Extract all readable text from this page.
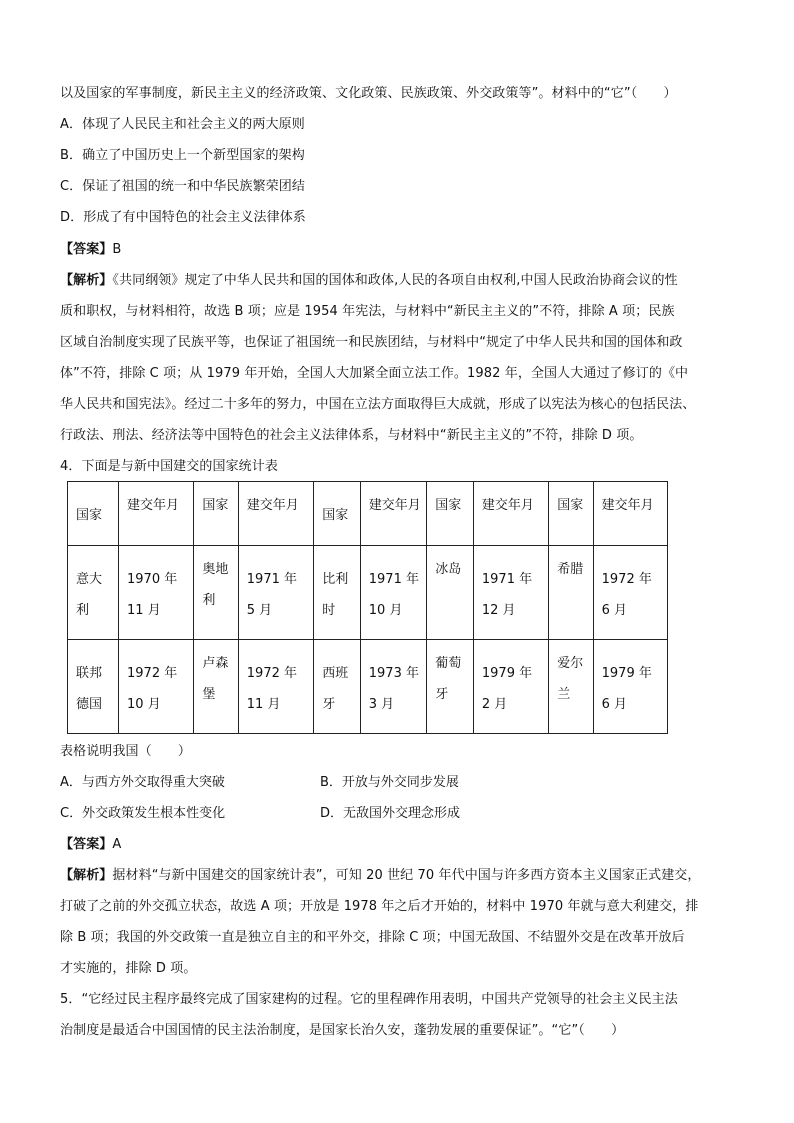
以及国家的军事制度，新民主主义的经济政策、文化政策、民族政策、外交政策等”。材料中的“它”（　　）
A．体现了人民民主和社会主义的两大原则
B．确立了中国历史上一个新型国家的架构
C．保证了祖国的统一和中华民族繁荣团结
D．形成了有中国特色的社会主义法律体系
【答案】B
【解析】《共同纲领》规定了中华人民共和国的国体和政体,人民的各项自由权利,中国人民政治协商会议的性
质和职权，与材料相符，故选 B 项；应是 1954 年宪法，与材料中“新民主主义的”不符，排除 A 项；民族
区域自治制度实现了民族平等，也保证了祖国统一和民族团结，与材料中“规定了中华人民共和国的国体和政
体”不符，排除 C 项；从 1979 年开始，全国人大加紧全面立法工作。1982 年，全国人大通过了修订的《中
华人民共和国宪法》。经过二十多年的努力，中国在立法方面取得巨大成就，形成了以宪法为核心的包括民法、
行政法、刑法、经济法等中国特色的社会主义法律体系，与材料中“新民主主义的”不符，排除 D 项。
4．下面是与新中国建交的国家统计表
国家	建交年月	国家	建交年月	国家	建交年月	国家	建交年月	国家	建交年月
意大利	1970 年 11 月	奥地利	1971 年 5 月	比利时	1971 年 10 月	冰岛	1971 年 12 月	希腊	1972 年 6 月
联邦德国	1972 年 10 月	卢森堡	1972 年 11 月	西班牙	1973 年 3 月	葡萄牙	1979 年 2 月	爱尔兰	1979 年 6 月
表格说明我国（　　）
A．与西方外交取得重大突破	B．开放与外交同步发展
C．外交政策发生根本性变化	D．无敌国外交理念形成
【答案】A
【解析】据材料“与新中国建交的国家统计表”，可知 20 世纪 70 年代中国与许多西方资本主义国家正式建交，
打破了之前的外交孤立状态，故选 A 项；开放是 1978 年之后才开始的，材料中 1970 年就与意大利建交，排
除 B 项；我国的外交政策一直是独立自主的和平外交，排除 C 项；中国无敌国、不结盟外交是在改革开放后
才实施的，排除 D 项。
5．“它经过民主程序最终完成了国家建构的过程。它的里程碑作用表明，中国共产党领导的社会主义民主法
治制度是最适合中国国情的民主法治制度，是国家长治久安，蓬勃发展的重要保证”。“它”（　　）
